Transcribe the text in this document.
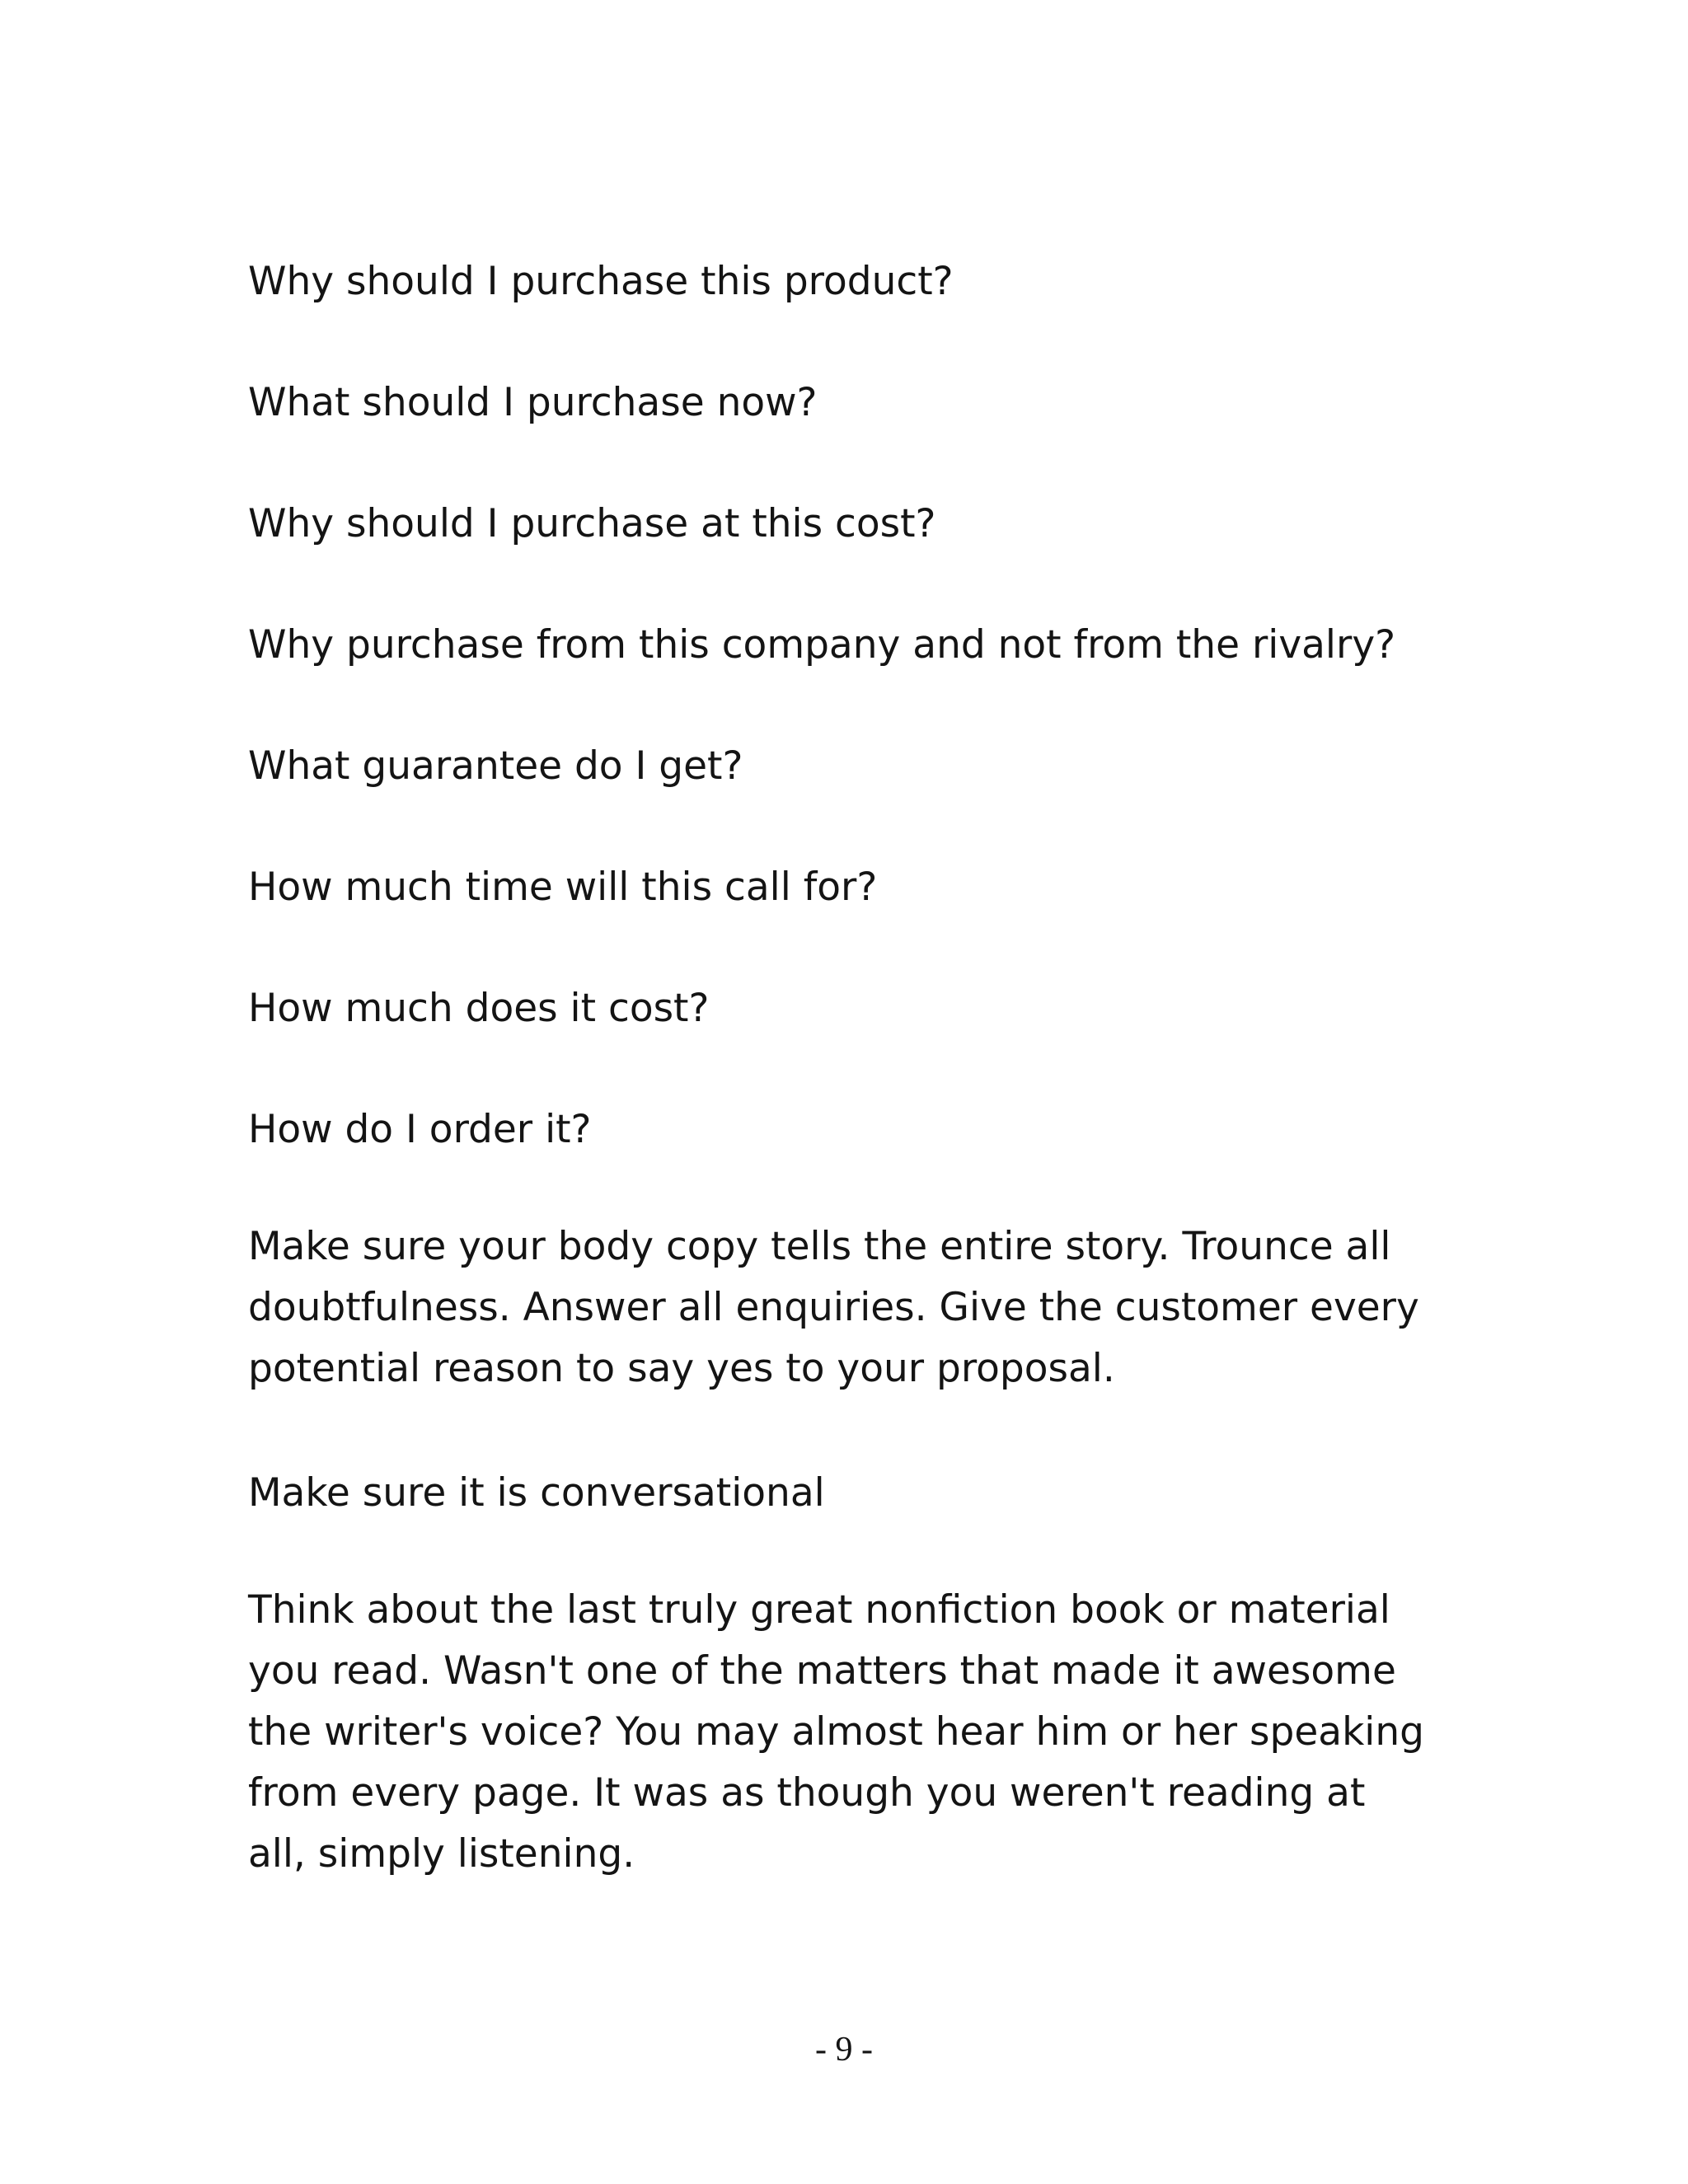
Why should I purchase this product?

What should I purchase now?

Why should I purchase at this cost?

Why purchase from this company and not from the rivalry?

What guarantee do I get?

How much time will this call for?

How much does it cost?

How do I order it?

Make sure your body copy tells the entire story. Trounce all
doubtfulness. Answer all enquiries. Give the customer every
potential reason to say yes to your proposal.

Make sure it is conversational

Think about the last truly great nonfiction book or material
you read. Wasn't one of the matters that made it awesome
the writer's voice? You may almost hear him or her speaking
from every page. It was as though you weren't reading at
all, simply listening.
- 9 -
